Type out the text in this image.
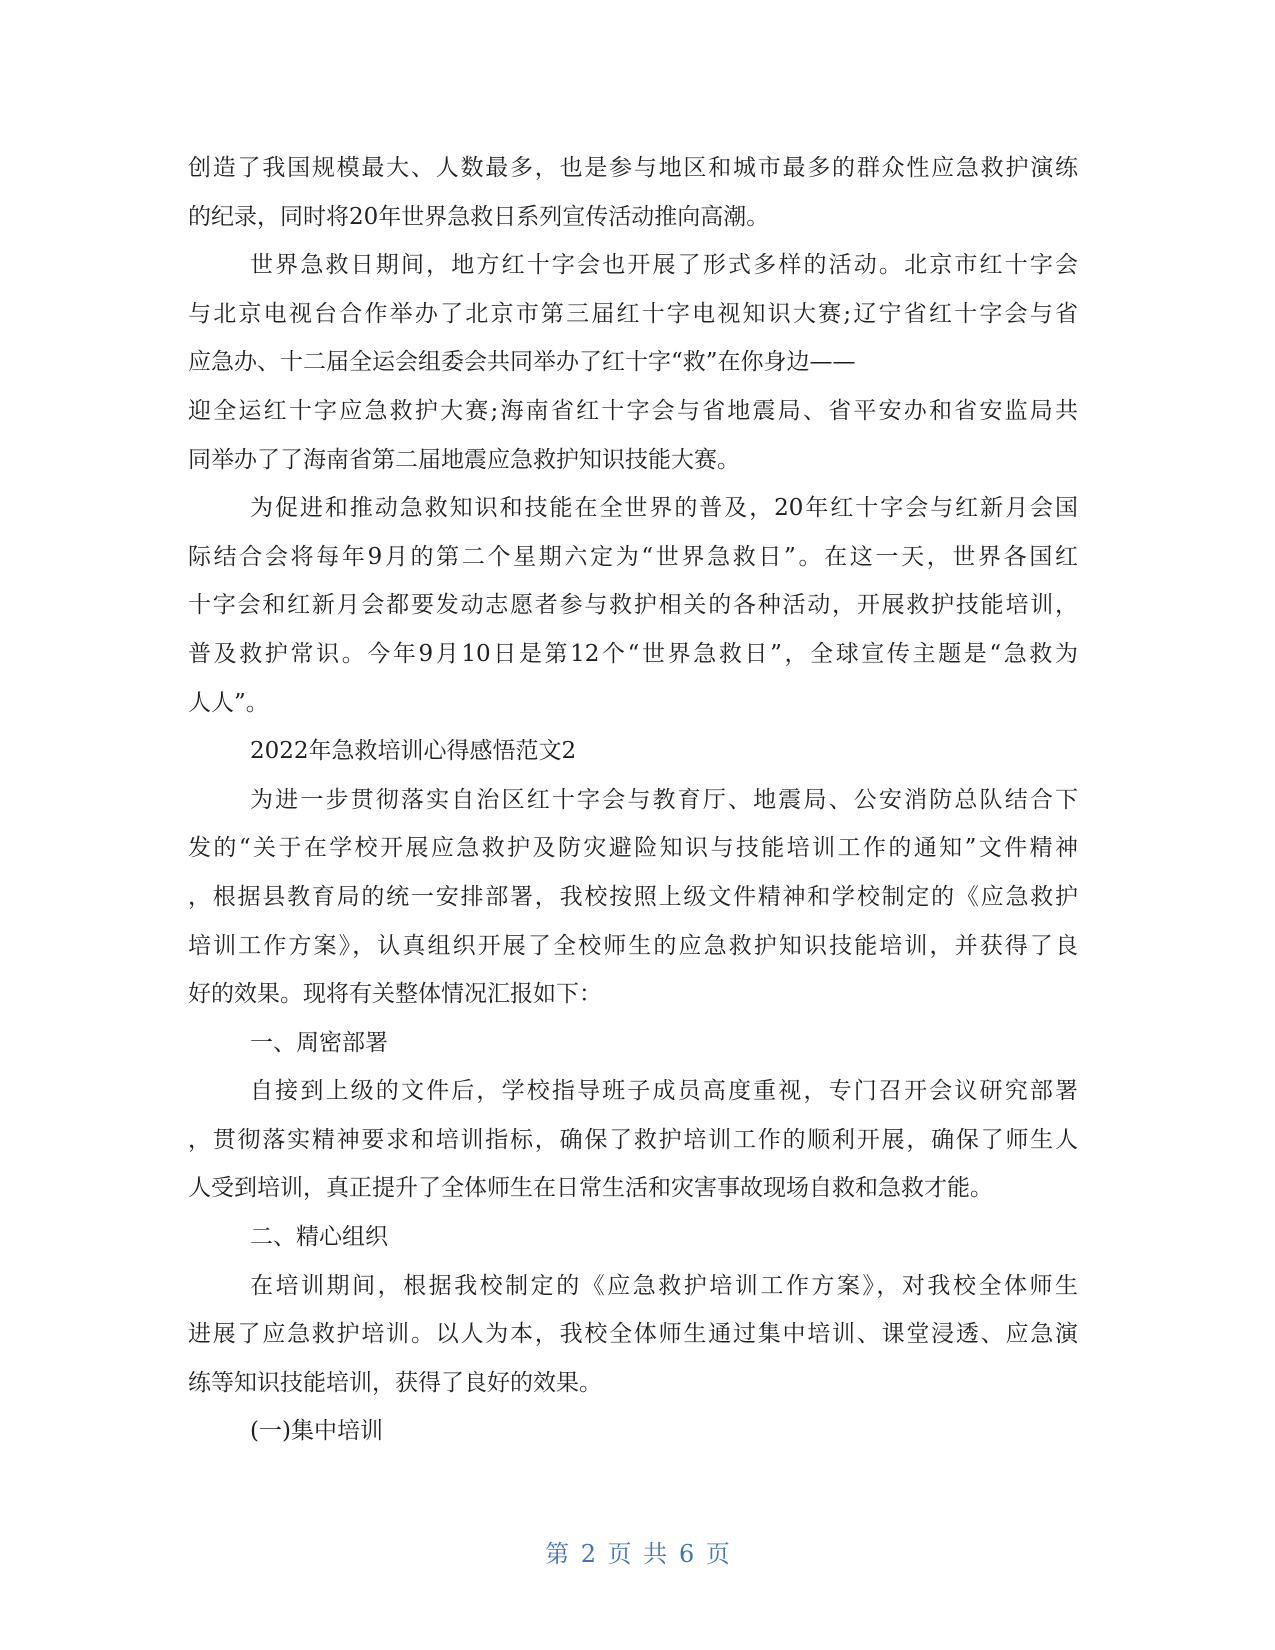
创造了我国规模最大、人数最多，也是参与地区和城市最多的群众性应急救护演练
的纪录，同时将20年世界急救日系列宣传活动推向高潮。
世界急救日期间，地方红十字会也开展了形式多样的活动。北京市红十字会
与北京电视台合作举办了北京市第三届红十字电视知识大赛;辽宁省红十字会与省
应急办、十二届全运会组委会共同举办了红十字“救”在你身边——
迎全运红十字应急救护大赛;海南省红十字会与省地震局、省平安办和省安监局共
同举办了了海南省第二届地震应急救护知识技能大赛。
为促进和推动急救知识和技能在全世界的普及，20年红十字会与红新月会国
际结合会将每年9月的第二个星期六定为“世界急救日”。在这一天，世界各国红
十字会和红新月会都要发动志愿者参与救护相关的各种活动，开展救护技能培训，
普及救护常识。今年9月10日是第12个“世界急救日”，全球宣传主题是“急救为
人人”。
2022年急救培训心得感悟范文2
为进一步贯彻落实自治区红十字会与教育厅、地震局、公安消防总队结合下
发的“关于在学校开展应急救护及防灾避险知识与技能培训工作的通知”文件精神
，根据县教育局的统一安排部署，我校按照上级文件精神和学校制定的《应急救护
培训工作方案》，认真组织开展了全校师生的应急救护知识技能培训，并获得了良
好的效果。现将有关整体情况汇报如下：
一、周密部署
自接到上级的文件后，学校指导班子成员高度重视，专门召开会议研究部署
，贯彻落实精神要求和培训指标，确保了救护培训工作的顺利开展，确保了师生人
人受到培训，真正提升了全体师生在日常生活和灾害事故现场自救和急救才能。
二、精心组织
在培训期间，根据我校制定的《应急救护培训工作方案》，对我校全体师生
进展了应急救护培训。以人为本，我校全体师生通过集中培训、课堂浸透、应急演
练等知识技能培训，获得了良好的效果。
(一)集中培训
第 2 页 共 6 页
